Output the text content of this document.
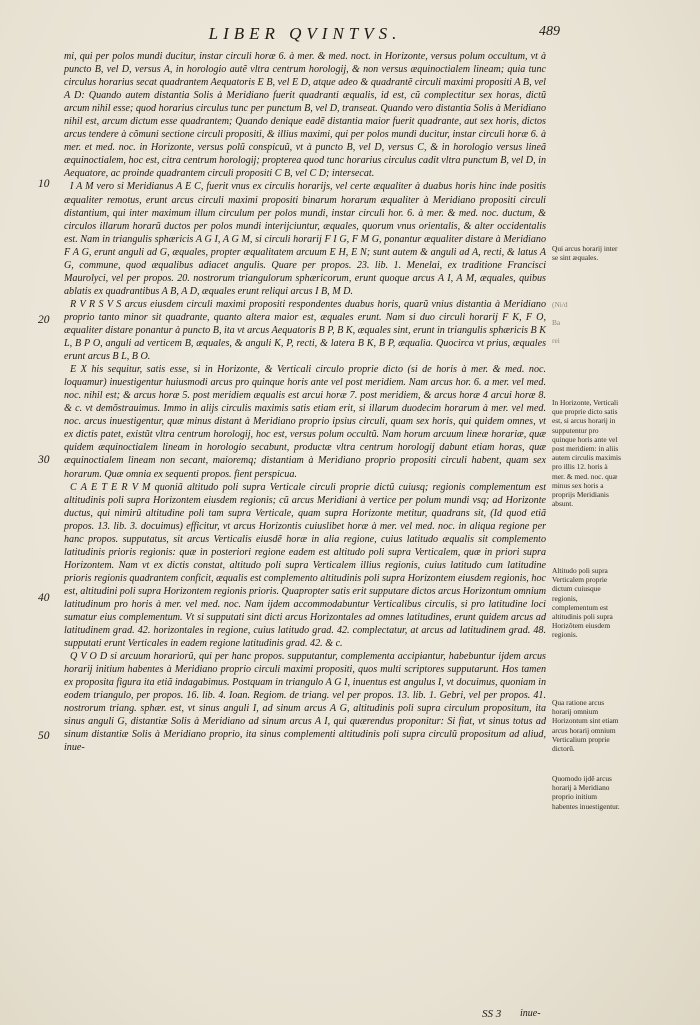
LIBER QVINTVS.	489

mi, qui per polos mundi ducitur, instar circuli horæ 6. à mer. & med. noct. in Horizonte, versus polum occultum, vt à puncto B, vel D, versus A, in horologio autẽ vltra centrum horologij, & non versus æquinoctialem lineam; quia tunc circulus horarius secat quadrantem Aequatoris E B, vel E D, atque adeo & quadrantẽ circuli maximi propositi A B, vel A D: Quando autem distantia Solis à Meridiano fuerit quadranti æqualis, id est, cũ complectitur sex horas, dictũ arcum nihil esse; quod horarius circulus tunc per punctum B, vel D, transeat. Quando vero distantia Solis à Meridiano nihil est, arcum dictum esse quadrantem; Quando denique eadẽ distantia maior fuerit quadrante, aut sex horis, dictos arcus tendere à cõmuni sectione circuli propositi, & illius maximi, qui per polos mundi ducitur, instar circuli horæ 6. à mer. et med. noc. in Horizonte, versus polũ conspicuũ, vt à puncto B, vel D, versus C, & in horologio versus lineã æquinoctialem, hoc est, citra centrum horologij; propterea quod tunc horarius circulus cadit vltra punctum B, vel D, in Aequatore, ac proinde quadrantem circuli propositi C B, vel C D; intersecat.

I A M vero si Meridianus A E C, fuerit vnus ex circulis horarijs, vel certe æqualiter à duabus horis hinc inde positis æqualiter remotus, erunt arcus circuli maximi propositi binarum horarum æqualiter à Meridiano propositi circuli distantium, qui inter maximum illum circulum per polos mundi, instar circuli hor. 6. à mer. & med. noc. ductum, & circulos illarum horarũ ductos per polos mundi interijciuntur, æquales, quorum vnus orientalis, & alter occidentalis est. Nam in triangulis sphæricis A G I, A G M, si circuli horarij F I G, F M G, ponantur æqualiter distare à Meridiano F A G, erunt anguli ad G, æquales, propter æqualitatem arcuum E H, E N; sunt autem & anguli ad A, recti, & latus A G, commune, quod æqualibus adiacet angulis. Quare per propos. 23. lib. 1. Menelai, ex traditione Francisci Maurolyci, vel per propos. 20. nostrorum triangulorum sphæricorum, erunt quoque arcus A I, A M, æquales, quibus ablatis ex quadrantibus A B, A D, æquales erunt reliqui arcus I B, M D.

R V R S V S arcus eiusdem circuli maximi propositi respondentes duabus horis, quarũ vnius distantia à Meridiano proprio tanto minor sit quadrante, quanto altera maior est, æquales erunt. Nam si duo circuli horarij F K, F O, æqualiter distare ponantur à puncto B, ita vt arcus Aequatoris B P, B K, æquales sint, erunt in triangulis sphæricis B K L, B P O, anguli ad verticem B, æquales, & anguli K, P, recti, & latera B K, B P, æqualia. Quocirca vt prius, æquales erunt arcus B L, B O.

E X his sequitur, satis esse, si in Horizonte, & Verticali circulo proprie dicto (si de horis à mer. & med. noc. loquamur) inuestigentur huiusmodi arcus pro quinque horis ante vel post meridiem. Nam arcus hor. 6. a mer. vel med. noc. nihil est; & arcus horæ 5. post meridiem æqualis est arcui horæ 7. post meridiem, & arcus horæ 4 arcui horæ 8. & c. vt demõstrauimus. Immo in alijs circulis maximis satis etiam erit, si illarum duodecim horarum à mer. vel med. noc. arcus inuestigentur, quæ minus distant à Meridiano proprio ipsius circuli, quam sex horis, qui quidem omnes, vt ex dictis patet, existũt vltra centrum horologij, hoc est, versus polum occultũ. Nam horum arcuum lineæ horariæ, quæ quidem æquinoctialem lineam in horologio secabunt, productæ vltra centrum horologij dabunt etiam horas, quæ æquinoctialem lineam non secant, maioremq; distantiam à Meridiano proprio propositi circuli habent, quam sex horarum. Quæ omnia ex sequenti propos. fient perspicua.

C A E T E R V M quoniã altitudo poli supra Verticale circuli proprie dictũ cuiusq; regionis complementum est altitudinis poli supra Horizontem eiusdem regionis; cũ arcus Meridiani à vertice per polum mundi vsq; ad Horizonte ductus, qui nimirũ altitudine poli tam supra Verticale, quam supra Horizonte metitur, quadrans sit, (Id quod etiã propos. 13. lib. 3. docuimus) efficitur, vt arcus Horizontis cuiuslibet horæ à mer. vel med. noc. in aliqua regione per hanc propos. supputatus, sit arcus Verticalis eiusdẽ horæ in alia regione, cuius latitudo æqualis sit complemento latitudinis prioris regionis: quæ in posteriori regione eadem est altitudo poli supra Verticalem, quæ in priori supra Horizontem. Nam vt ex dictis constat, altitudo poli supra Verticalem illius regionis, cuius latitudo cum latitudine prioris regionis quadrantem conficit, æqualis est complemento altitudinis poli supra Horizontem eiusdem regionis, hoc est, altitudini poli supra Horizontem regionis prioris. Quapropter satis erit supputare dictos arcus Horizontum omnium latitudinum pro horis à mer. vel med. noc. Nam ijdem accommodabuntur Verticalibus circulis, si pro latitudine loci sumatur eius complementum. Vt si supputati sint dicti arcus Horizontales ad omnes latitudines, erunt quidem arcus ad latitudinem grad. 42. horizontales in regione, cuius latitudo grad. 42. complectatur, at arcus ad latitudinem grad. 48. supputati erunt Verticales in eadem regione latitudinis grad. 42. & c.

Q V O D si arcuum horariorũ, qui per hanc propos. supputantur, complementa accipiantur, habebuntur ijdem arcus horarij initium habentes à Meridiano proprio circuli maximi propositi, quos multi scriptores supputarunt. Hos tamen ex proposita figura ita etiã indagabimus. Postquam in triangulo A G I, inuentus est angulus I, vt docuimus, quoniam in eodem triangulo, per propos. 16. lib. 4. Ioan. Regiom. de triang. vel per propos. 13. lib. 1. Gebri, vel per propos. 41. nostrorum triang. sphær. est, vt sinus anguli I, ad sinum arcus A G, altitudinis poli supra circulum propositum, ita sinus anguli G, distantiæ Solis à Meridiano ad sinum arcus A I, qui quærendus proponitur: Si fiat, vt sinus totus ad sinum distantiæ Solis à Meridiano proprio, ita sinus complementi altitudinis poli supra circulũ propositum ad aliud, inue-

10
20
30
40
50
Qui arcus horarij inter se sint æquales.
(Ni/d
Ba
rei
In Horizonte, Verticali que proprie dicto satis est, si arcus horarij in supputentur pro quinque horis ante vel post meridiem: in aliis autem circulis maximis pro illis 12. horis à mer. & med. noc. quæ minus sex horis a proprijs Meridianis absunt.
Altitudo poli supra Verticalem proprie dictum cuiusque regionis, complementum est altitudinis poli supra Horizõtem eiusdem regionis.
Qua ratione arcus horarij omnium Horizontum sint etiam arcus horarij omnium Verticalium proprie dictorũ.
Quomodo ijdẽ arcus horarij à Meridiano proprio initium habentes inuestigentur.
SS 3 inue-
